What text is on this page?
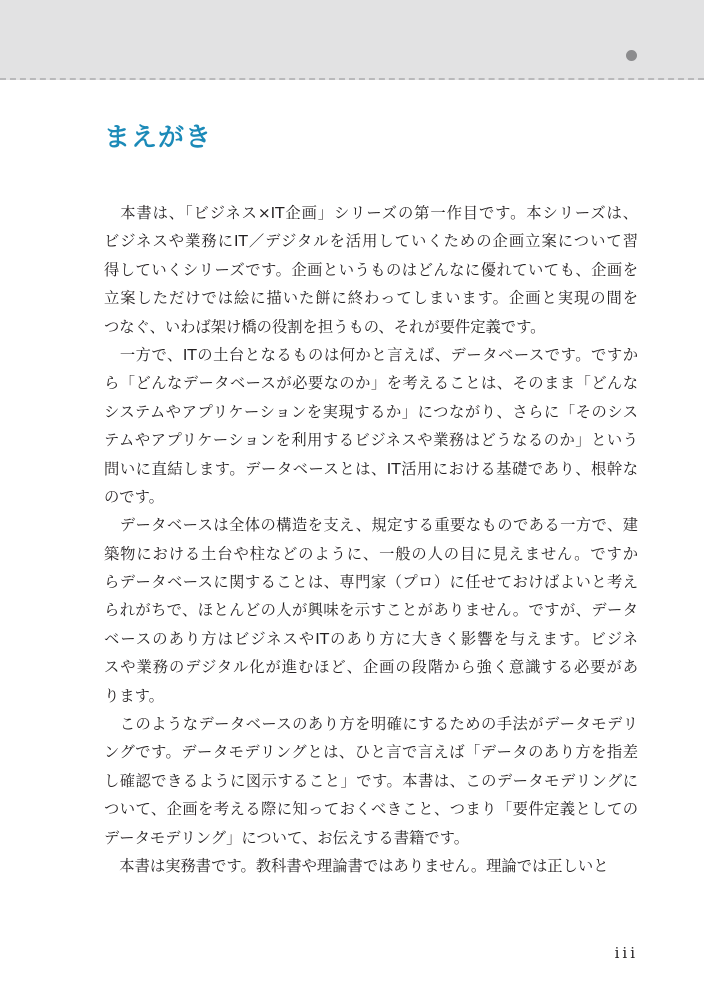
まえがき
　本書は、「ビジネス×IT企画」シリーズの第一作目です。本シリーズは、
ビジネスや業務にIT／デジタルを活用していくための企画立案について習
得していくシリーズです。企画というものはどんなに優れていても、企画を
立案しただけでは絵に描いた餅に終わってしまいます。企画と実現の間を
つなぐ、いわば架け橋の役割を担うもの、それが要件定義です。
　一方で、ITの土台となるものは何かと言えば、データベースです。ですか
ら「どんなデータベースが必要なのか」を考えることは、そのまま「どんな
システムやアプリケーションを実現するか」につながり、さらに「そのシス
テムやアプリケーションを利用するビジネスや業務はどうなるのか」という
問いに直結します。データベースとは、IT活用における基礎であり、根幹な
のです。
　データベースは全体の構造を支え、規定する重要なものである一方で、建
築物における土台や柱などのように、一般の人の目に見えません。ですか
らデータベースに関することは、専門家（プロ）に任せておけばよいと考え
られがちで、ほとんどの人が興味を示すことがありません。ですが、データ
ベースのあり方はビジネスやITのあり方に大きく影響を与えます。ビジネ
スや業務のデジタル化が進むほど、企画の段階から強く意識する必要があ
ります。
　このようなデータベースのあり方を明確にするための手法がデータモデリ
ングです。データモデリングとは、ひと言で言えば「データのあり方を指差
し確認できるように図示すること」です。本書は、このデータモデリングに
ついて、企画を考える際に知っておくべきこと、つまり「要件定義としての
データモデリング」について、お伝えする書籍です。
　本書は実務書です。教科書や理論書ではありません。理論では正しいと
iii
